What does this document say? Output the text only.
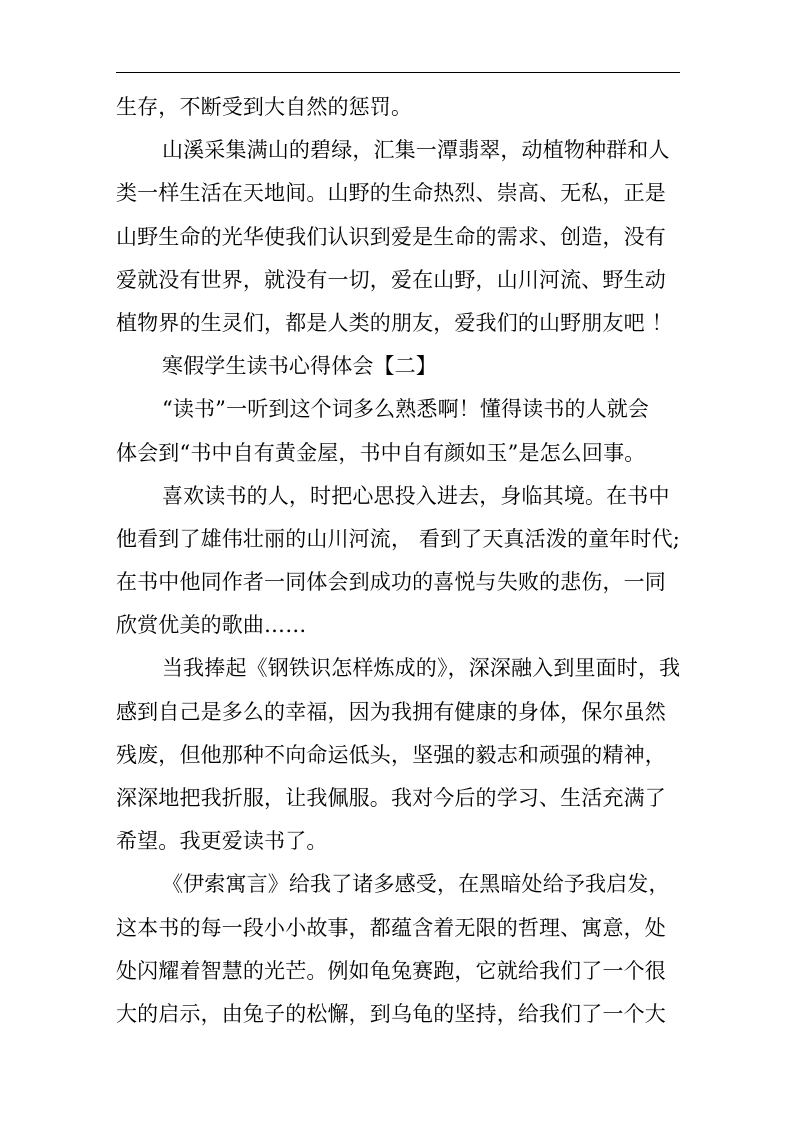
生存，不断受到大自然的惩罚。
山溪采集满山的碧绿，汇集一潭翡翠，动植物种群和人
类一样生活在天地间。山野的生命热烈、崇高、无私，正是
山野生命的光华使我们认识到爱是生命的需求、创造，没有
爱就没有世界，就没有一切，爱在山野，山川河流、野生动
植物界的生灵们，都是人类的朋友，爱我们的山野朋友吧 ！
寒假学生读书心得体会【二】
“读书”一听到这个词多么熟悉啊！懂得读书的人就会
体会到“书中自有黄金屋，书中自有颜如玉”是怎么回事。
喜欢读书的人，时把心思投入进去，身临其境。在书中
他看到了雄伟壮丽的山川河流， 看到了天真活泼的童年时代;
在书中他同作者一同体会到成功的喜悦与失败的悲伤，一同
欣赏优美的歌曲……
当我捧起《钢铁识怎样炼成的》，深深融入到里面时，我
感到自己是多么的幸福，因为我拥有健康的身体，保尔虽然
残废，但他那种不向命运低头，坚强的毅志和顽强的精神，
深深地把我折服，让我佩服。我对今后的学习、生活充满了
希望。我更爱读书了。
《伊索寓言》给我了诸多感受，在黑暗处给予我启发，
这本书的每一段小小故事，都蕴含着无限的哲理、寓意，处
处闪耀着智慧的光芒。例如龟兔赛跑，它就给我们了一个很
大的启示，由兔子的松懈，到乌龟的坚持，给我们了一个大
